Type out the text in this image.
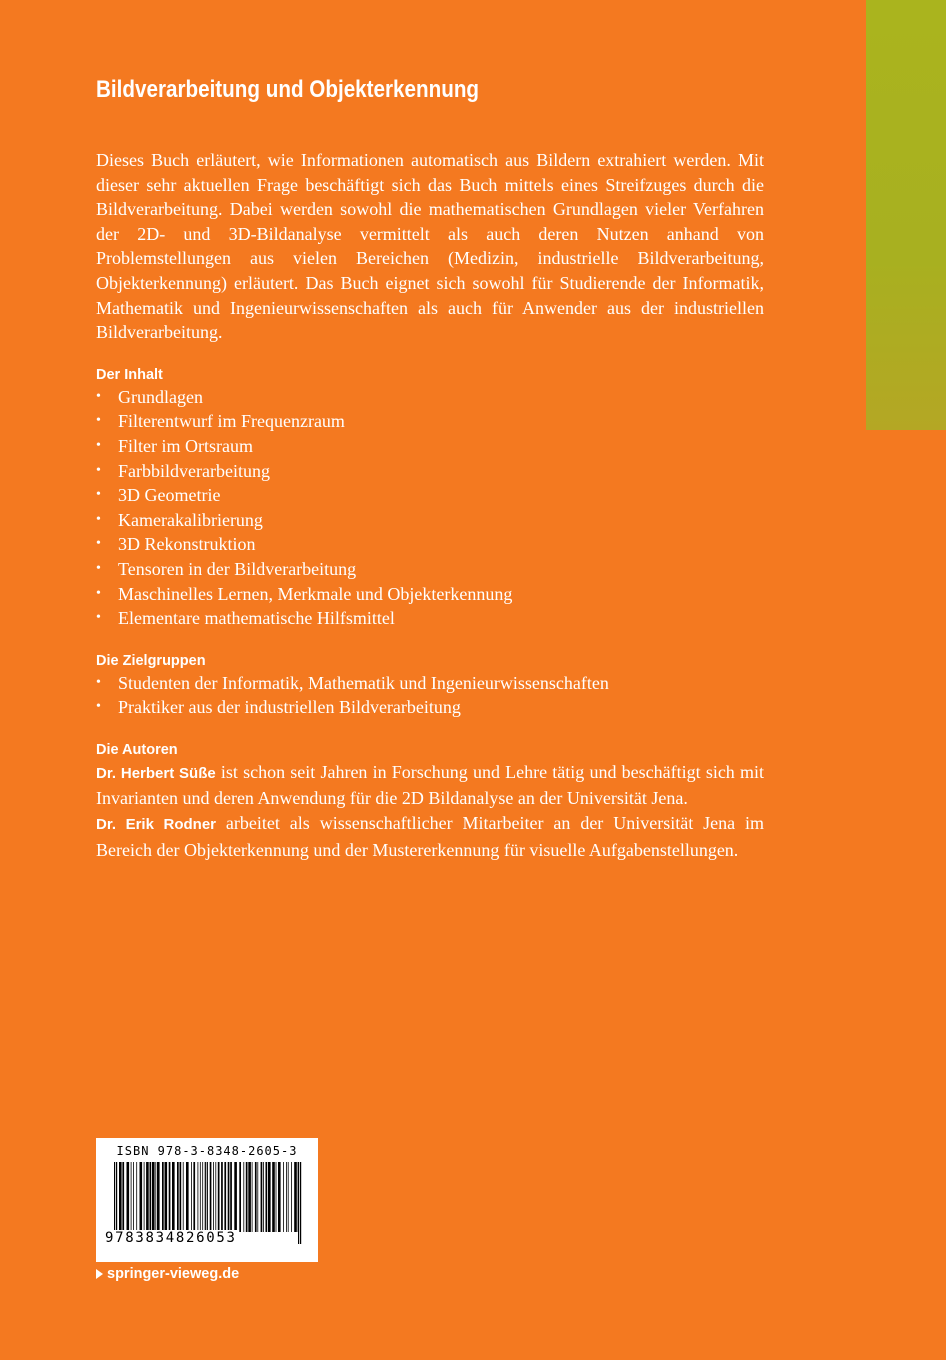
Bildverarbeitung und Objekterkennung

Dieses Buch erläutert, wie Informationen automatisch aus Bildern extrahiert werden. Mit dieser sehr aktuellen Frage beschäftigt sich das Buch mittels eines Streifzuges durch die Bildverarbeitung. Dabei werden sowohl die mathematischen Grundlagen vieler Verfahren der 2D- und 3D-Bildanalyse vermittelt als auch deren Nutzen anhand von Problemstellungen aus vielen Bereichen (Medizin, industrielle Bildverarbeitung, Objekterkennung) erläutert. Das Buch eignet sich sowohl für Studierende der Informatik, Mathematik und Ingenieurwissenschaften als auch für Anwender aus der industriellen Bildverarbeitung.

Der Inhalt
• Grundlagen
• Filterentwurf im Frequenzraum
• Filter im Ortsraum
• Farbbildverarbeitung
• 3D Geometrie
• Kamerakalibrierung
• 3D Rekonstruktion
• Tensoren in der Bildverarbeitung
• Maschinelles Lernen, Merkmale und Objekterkennung
• Elementare mathematische Hilfsmittel
Die Zielgruppen
• Studenten der Informatik, Mathematik und Ingenieurwissenschaften
• Praktiker aus der industriellen Bildverarbeitung
Die Autoren

Dr. Herbert Süße ist schon seit Jahren in Forschung und Lehre tätig und beschäftigt sich mit Invarianten und deren Anwendung für die 2D Bildanalyse an der Universität Jena.

Dr. Erik Rodner arbeitet als wissenschaftlicher Mitarbeiter an der Universität Jena im Bereich der Objekterkennung und der Mustererkennung für visuelle Aufgabenstellungen.

ISBN 978-3-8348-2605-3
9783834826053
springer-vieweg.de
